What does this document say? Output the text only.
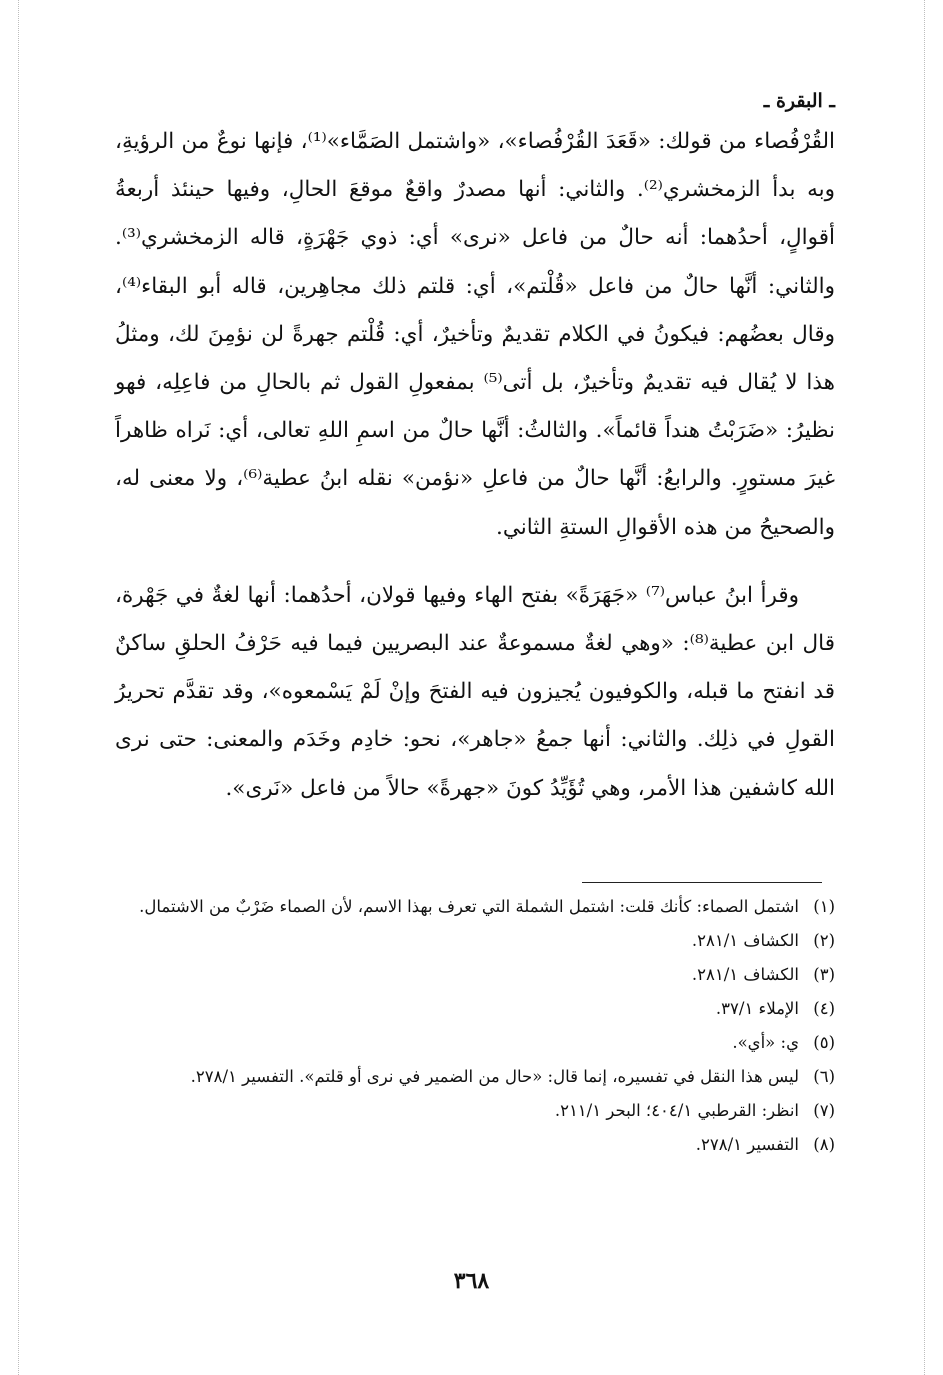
ـ البقرة ـ

القُرْفُصاء من قولك: «قَعَدَ القُرْفُصاء»، «واشتمل الصَمَّاء»⁽¹⁾، فإنها نوعٌ من الرؤيةِ، وبه بدأ الزمخشري⁽²⁾. والثاني: أنها مصدرٌ واقعٌ موقعَ الحالِ، وفيها حينئذ أربعةُ أقوالٍ، أحدُهما: أنه حالٌ من فاعل «نرى» أي: ذوي جَهْرَةٍ، قاله الزمخشري⁽³⁾. والثاني: أنَّها حالٌ من فاعل «قُلْتم»، أي: قلتم ذلك مجاهِرين، قاله أبو البقاء⁽⁴⁾، وقال بعضُهم: فيكونُ في الكلام تقديمٌ وتأخيرٌ، أي: قُلْتم جهرةً لن نؤمِنَ لك، ومثلُ هذا لا يُقال فيه تقديمٌ وتأخيرٌ، بل أتى⁽⁵⁾ بمفعولِ القول ثم بالحالِ من فاعِلِه، فهو نظيرُ: «ضَرَبْتُ هنداً قائماً». والثالثُ: أنَّها حالٌ من اسمِ اللهِ تعالى، أي: نَراه ظاهراً غيرَ مستورٍ. والرابعُ: أنَّها حالٌ من فاعلِ «نؤمن» نقله ابنُ عطية⁽⁶⁾، ولا معنى له، والصحيحُ من هذه الأقوالِ الستةِ الثاني.

وقرأ ابنُ عباس⁽⁷⁾ «جَهَرَةً» بفتح الهاء وفيها قولان، أحدُهما: أنها لغةٌ في جَهْرة، قال ابن عطية⁽⁸⁾: «وهي لغةٌ مسموعةٌ عند البصريين فيما فيه حَرْفُ الحلقِ ساكنٌ قد انفتح ما قبله، والكوفيون يُجيزون فيه الفتحَ وإنْ لَمْ يَسْمعوه»، وقد تقدَّم تحريرُ القولِ في ذلِك. والثاني: أنها جمعُ «جاهر»، نحو: خادِم وخَدَم والمعنى: حتى نرى الله كاشفين هذا الأمر، وهي تُؤَيِّدُ كونَ «جهرةً» حالاً من فاعل «نَرى».

(١)
اشتمل الصماء: كأنك قلت: اشتمل الشملة التي تعرف بهذا الاسم، لأن الصماء ضَرْبٌ من الاشتمال.
(٢)
الكشاف ٢٨١/١.
(٣)
الكشاف ٢٨١/١.
(٤)
الإملاء ٣٧/١.
(٥)
ي: «أي».
(٦)
ليس هذا النقل في تفسيره، إنما قال: «حال من الضمير في نرى أو قلتم». التفسير ٢٧٨/١.
(٧)
انظر: القرطبي ٤٠٤/١؛ البحر ٢١١/١.
(٨)
التفسير ٢٧٨/١.
٣٦٨
